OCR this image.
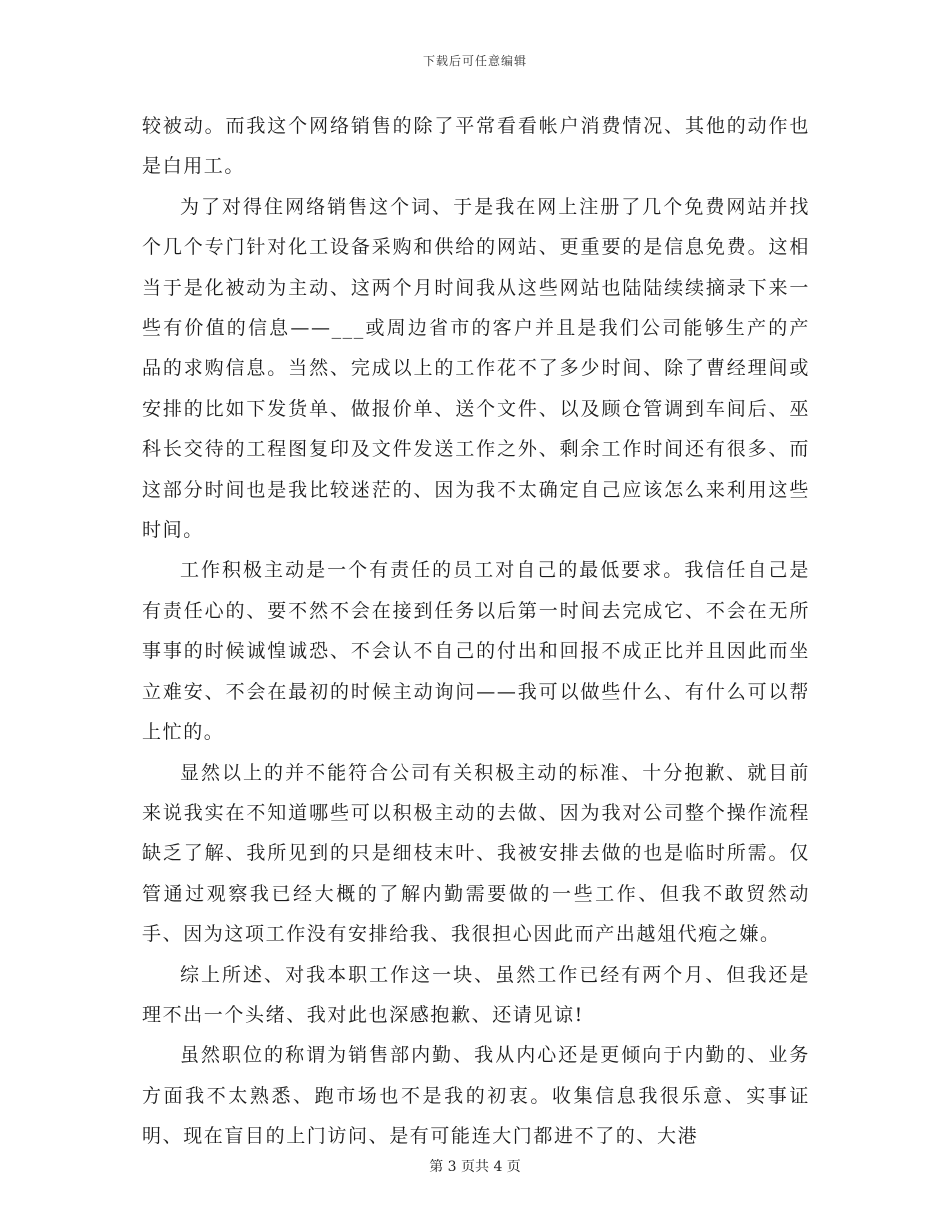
下载后可任意编辑

较被动。而我这个网络销售的除了平常看看帐户消费情况、其他的动作也是白用工。

为了对得住网络销售这个词、于是我在网上注册了几个免费网站并找个几个专门针对化工设备采购和供给的网站、更重要的是信息免费。这相当于是化被动为主动、这两个月时间我从这些网站也陆陆续续摘录下来一些有价值的信息——___或周边省市的客户并且是我们公司能够生产的产品的求购信息。当然、完成以上的工作花不了多少时间、除了曹经理间或安排的比如下发货单、做报价单、送个文件、以及顾仓管调到车间后、巫科长交待的工程图复印及文件发送工作之外、剩余工作时间还有很多、而这部分时间也是我比较迷茫的、因为我不太确定自己应该怎么来利用这些时间。

工作积极主动是一个有责任的员工对自己的最低要求。我信任自己是有责任心的、要不然不会在接到任务以后第一时间去完成它、不会在无所事事的时候诚惶诚恐、不会认不自己的付出和回报不成正比并且因此而坐立难安、不会在最初的时候主动询问——我可以做些什么、有什么可以帮上忙的。

显然以上的并不能符合公司有关积极主动的标准、十分抱歉、就目前来说我实在不知道哪些可以积极主动的去做、因为我对公司整个操作流程缺乏了解、我所见到的只是细枝末叶、我被安排去做的也是临时所需。仅管通过观察我已经大概的了解内勤需要做的一些工作、但我不敢贸然动手、因为这项工作没有安排给我、我很担心因此而产出越俎代疱之嫌。

综上所述、对我本职工作这一块、虽然工作已经有两个月、但我还是理不出一个头绪、我对此也深感抱歉、还请见谅!

虽然职位的称谓为销售部内勤、我从内心还是更倾向于内勤的、业务方面我不太熟悉、跑市场也不是我的初衷。收集信息我很乐意、实事证明、现在盲目的上门访问、是有可能连大门都进不了的、大港

第 3 页共 4 页
